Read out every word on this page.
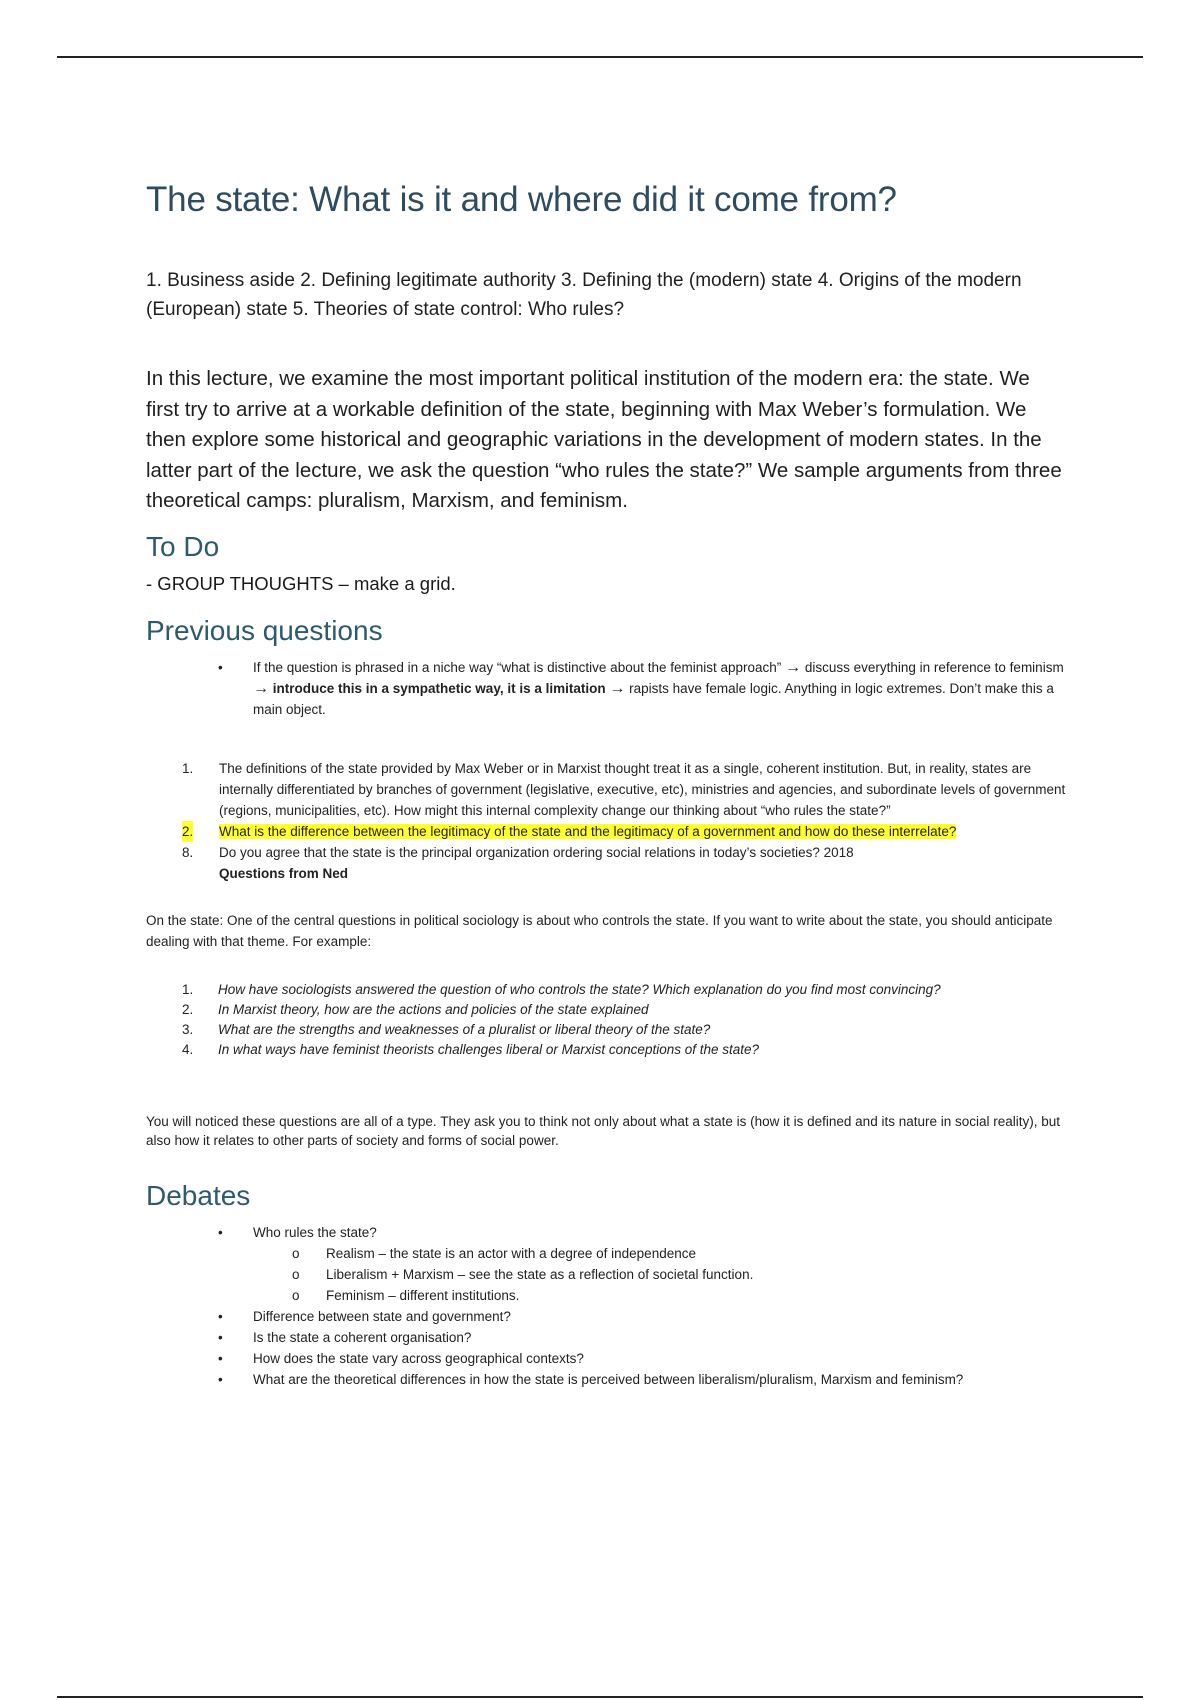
The state: What is it and where did it come from?
1. Business aside 2. Defining legitimate authority 3. Defining the (modern) state 4. Origins of the modern (European) state 5. Theories of state control: Who rules?
In this lecture, we examine the most important political institution of the modern era: the state. We first try to arrive at a workable definition of the state, beginning with Max Weber’s formulation. We then explore some historical and geographic variations in the development of modern states. In the latter part of the lecture, we ask the question “who rules the state?” We sample arguments from three theoretical camps: pluralism, Marxism, and feminism.
To Do
- GROUP THOUGHTS – make a grid.
Previous questions
• If the question is phrased in a niche way “what is distinctive about the feminist approach” → discuss everything in reference to feminism → introduce this in a sympathetic way, it is a limitation → rapists have female logic. Anything in logic extremes. Don’t make this a main object.
1. The definitions of the state provided by Max Weber or in Marxist thought treat it as a single, coherent institution. But, in reality, states are internally differentiated by branches of government (legislative, executive, etc), ministries and agencies, and subordinate levels of government (regions, municipalities, etc). How might this internal complexity change our thinking about “who rules the state?”
2. What is the difference between the legitimacy of the state and the legitimacy of a government and how do these interrelate?
8. Do you agree that the state is the principal organization ordering social relations in today’s societies? 2018
Questions from Ned
On the state: One of the central questions in political sociology is about who controls the state. If you want to write about the state, you should anticipate dealing with that theme. For example:
1. How have sociologists answered the question of who controls the state? Which explanation do you find most convincing?
2. In Marxist theory, how are the actions and policies of the state explained
3. What are the strengths and weaknesses of a pluralist or liberal theory of the state?
4. In what ways have feminist theorists challenges liberal or Marxist conceptions of the state?
You will noticed these questions are all of a type. They ask you to think not only about what a state is (how it is defined and its nature in social reality), but also how it relates to other parts of society and forms of social power.
Debates
• Who rules the state?
o Realism – the state is an actor with a degree of independence
o Liberalism + Marxism – see the state as a reflection of societal function.
o Feminism – different institutions.
• Difference between state and government?
• Is the state a coherent organisation?
• How does the state vary across geographical contexts?
• What are the theoretical differences in how the state is perceived between liberalism/pluralism, Marxism and feminism?
